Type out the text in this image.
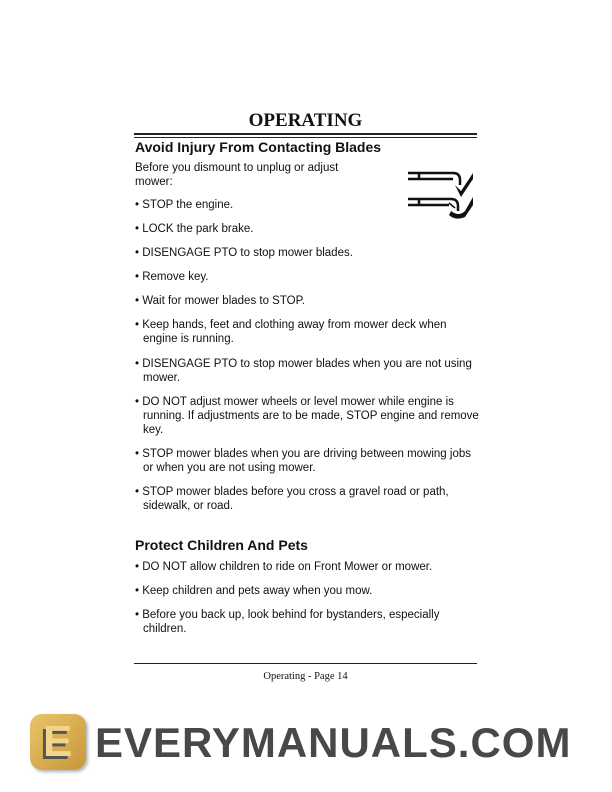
OPERATING
Avoid Injury From Contacting Blades
Before you dismount to unplug or adjust
mower:
• STOP the engine.
• LOCK the park brake.
• DISENGAGE PTO to stop mower blades.
• Remove key.
• Wait for mower blades to STOP.
• Keep hands, feet and clothing away from mower deck when engine is running.
• DISENGAGE PTO to stop mower blades when you are not using mower.
• DO NOT adjust mower wheels or level mower while engine is running. If adjustments are to be made, STOP engine and remove key.
• STOP mower blades when you are driving between mowing jobs or when you are not using mower.
• STOP mower blades before you cross a gravel road or path, sidewalk, or road.
Protect Children And Pets
• DO NOT allow children to ride on Front Mower or mower.
• Keep children and pets away when you mow.
• Before you back up, look behind for bystanders, especially children.
Operating - Page 14
E EVERYMANUALS.COM
